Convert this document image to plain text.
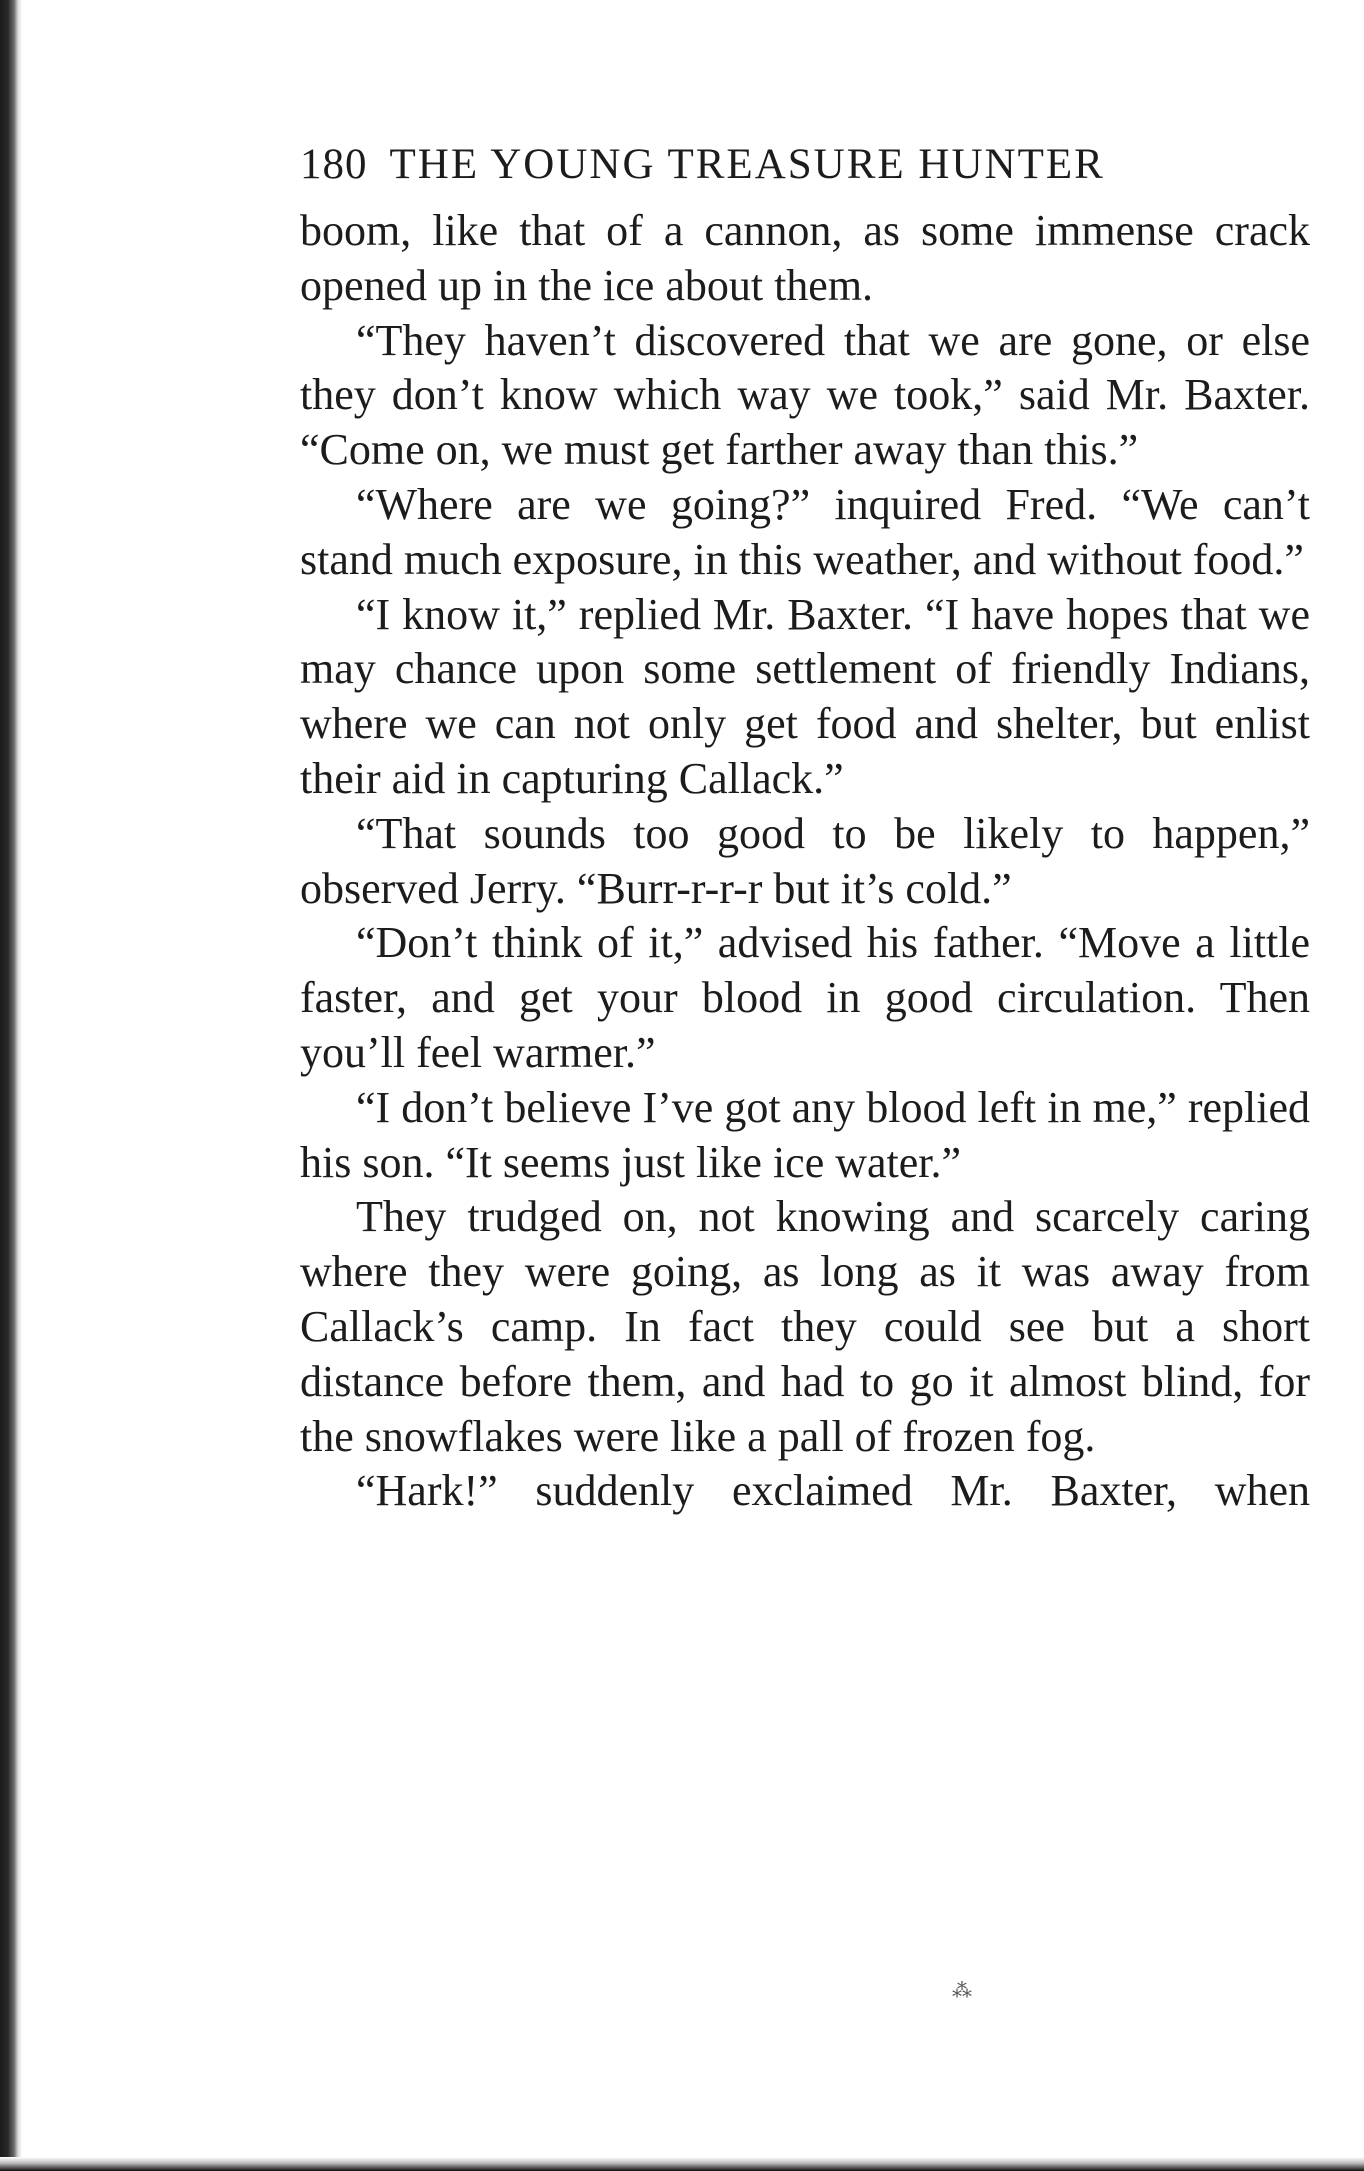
180 THE YOUNG TREASURE HUNTER

boom, like that of a cannon, as some immense crack opened up in the ice about them.

“They haven’t discovered that we are gone, or else they don’t know which way we took,” said Mr. Baxter. “Come on, we must get farther away than this.”

“Where are we going?” inquired Fred. “We can’t stand much exposure, in this weather, and without food.”

“I know it,” replied Mr. Baxter. “I have hopes that we may chance upon some settlement of friendly Indians, where we can not only get food and shelter, but enlist their aid in capturing Callack.”

“That sounds too good to be likely to happen,” observed Jerry. “Burr-r-r-r but it’s cold.”

“Don’t think of it,” advised his father. “Move a little faster, and get your blood in good circulation. Then you’ll feel warmer.”

“I don’t believe I’ve got any blood left in me,” replied his son. “It seems just like ice water.”

They trudged on, not knowing and scarcely caring where they were going, as long as it was away from Callack’s camp. In fact they could see but a short distance before them, and had to go it almost blind, for the snowflakes were like a pall of frozen fog.

“Hark!” suddenly exclaimed Mr. Baxter, when

⁂
